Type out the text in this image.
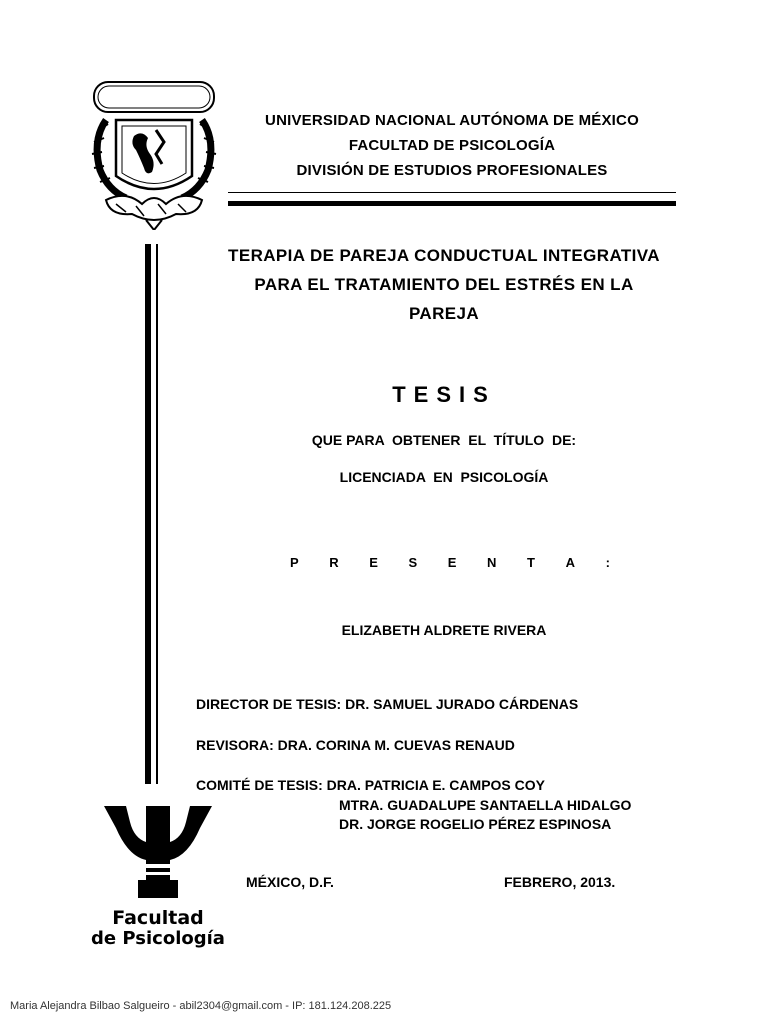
UNIVERSIDAD NACIONAL AUTÓNOMA DE MÉXICO
FACULTAD DE PSICOLOGÍA
DIVISIÓN DE ESTUDIOS PROFESIONALES
TERAPIA DE PAREJA CONDUCTUAL INTEGRATIVA
PARA EL TRATAMIENTO DEL ESTRÉS EN LA
PAREJA
TESIS
QUE PARA  OBTENER  EL  TÍTULO  DE:
LICENCIADA  EN  PSICOLOGÍA
P R E S E N T A :
ELIZABETH ALDRETE RIVERA
DIRECTOR DE TESIS: DR. SAMUEL JURADO CÁRDENAS
REVISORA: DRA. CORINA M. CUEVAS RENAUD
COMITÉ DE TESIS: DRA. PATRICIA E. CAMPOS COY
MTRA. GUADALUPE SANTAELLA HIDALGO
DR. JORGE ROGELIO PÉREZ ESPINOSA
MÉXICO, D.F.	FEBRERO, 2013.
Facultad
de Psicología
Maria Alejandra Bilbao Salgueiro - abil2304@gmail.com - IP: 181.124.208.225
